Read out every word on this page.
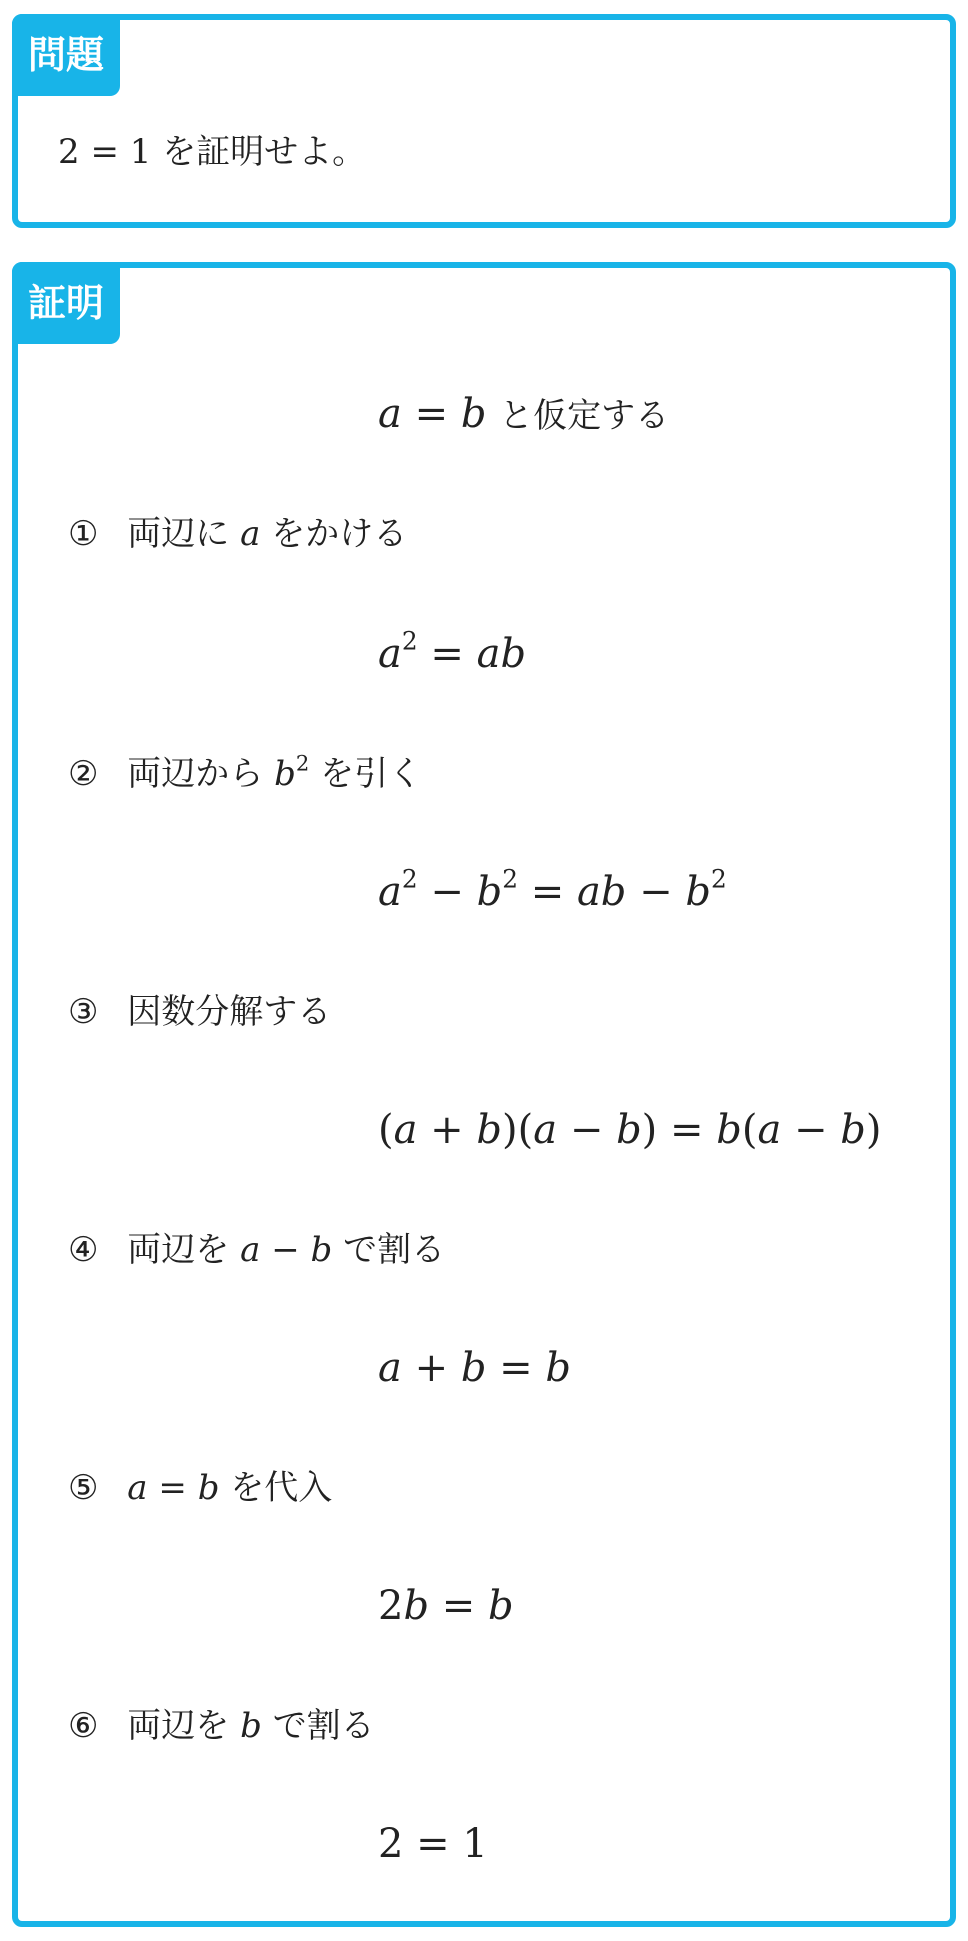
問題
2 = 1 を証明せよ。
証明
a = b と仮定する
① 両辺に a をかける
$a^2$ = ab
② 両辺から $b^2$ を引く
$a^2 - b^2$ = ab − $b^2$
③ 因数分解する
(a + b)(a − b) = b(a − b)
④ 両辺を a − b で割る
a + b = b
⑤ a = b を代入
2b = b
⑥ 両辺を b で割る
2 = 1
